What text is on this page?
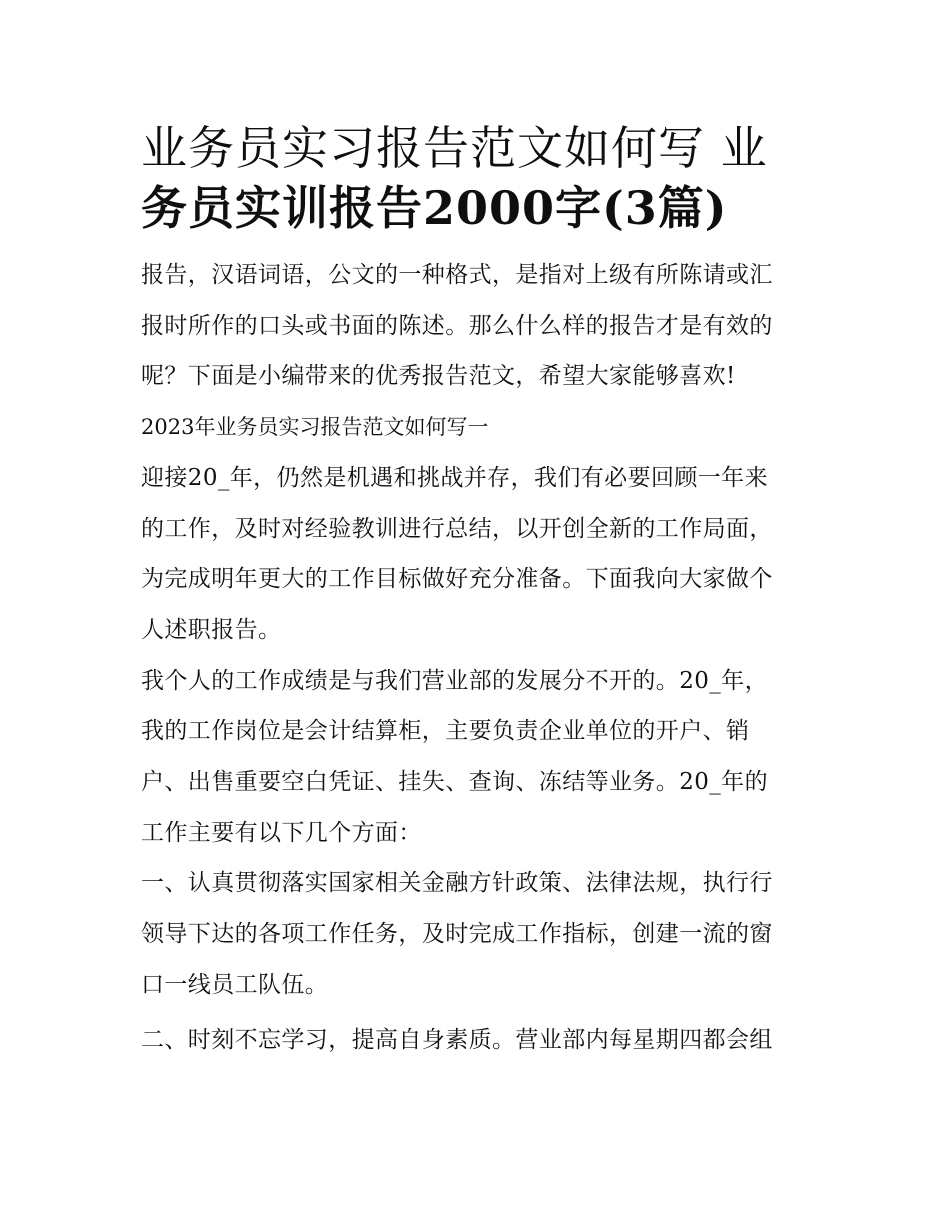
业务员实习报告范文如何写 业
务员实训报告2000字(3篇)

报告，汉语词语，公文的一种格式，是指对上级有所陈请或汇
报时所作的口头或书面的陈述。那么什么样的报告才是有效的
呢？下面是小编带来的优秀报告范文，希望大家能够喜欢!

2023年业务员实习报告范文如何写一

迎接20_年，仍然是机遇和挑战并存，我们有必要回顾一年来
的工作，及时对经验教训进行总结，以开创全新的工作局面，
为完成明年更大的工作目标做好充分准备。下面我向大家做个
人述职报告。

我个人的工作成绩是与我们营业部的发展分不开的。20_年，
我的工作岗位是会计结算柜，主要负责企业单位的开户、销
户、出售重要空白凭证、挂失、查询、冻结等业务。20_年的
工作主要有以下几个方面：

一、认真贯彻落实国家相关金融方针政策、法律法规，执行行
领导下达的各项工作任务，及时完成工作指标，创建一流的窗
口一线员工队伍。

二、时刻不忘学习，提高自身素质。营业部内每星期四都会组
